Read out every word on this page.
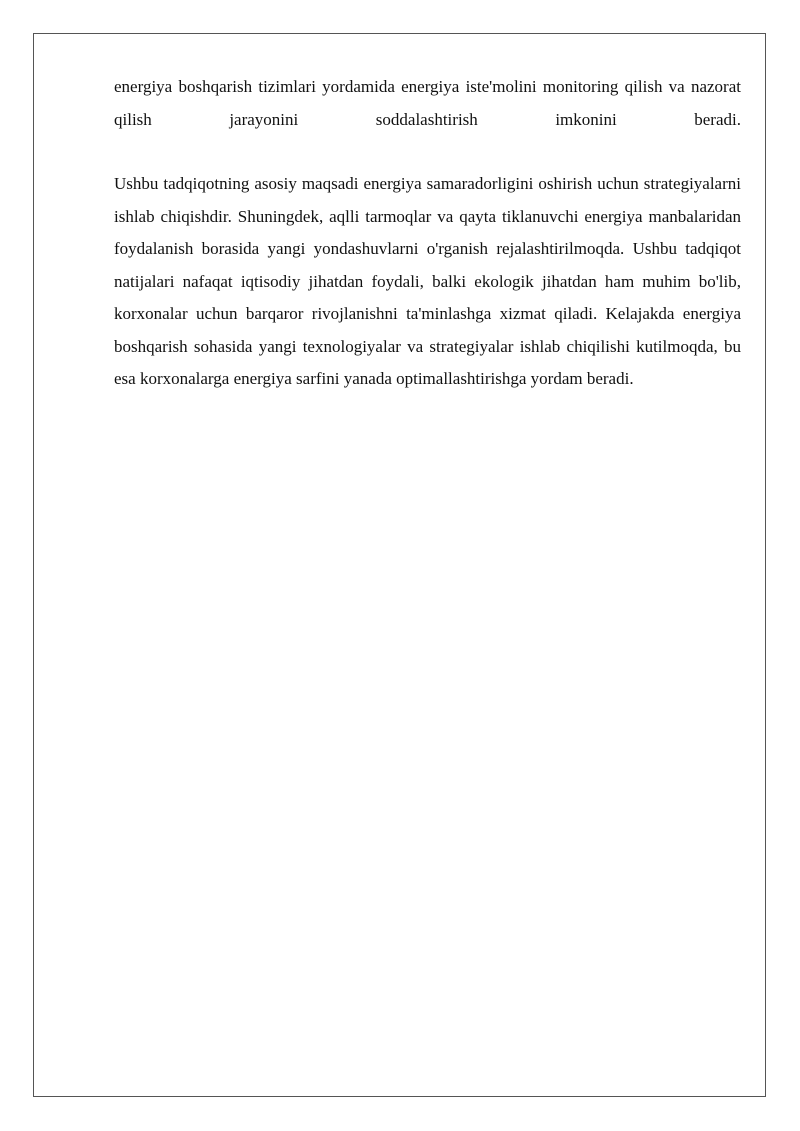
energiya boshqarish tizimlari yordamida energiya iste'molini monitoring qilish va nazorat qilish jarayonini soddalashtirish imkonini beradi.

Ushbu tadqiqotning asosiy maqsadi energiya samaradorligini oshirish uchun strategiyalarni ishlab chiqishdir. Shuningdek, aqlli tarmoqlar va qayta tiklanuvchi energiya manbalaridan foydalanish borasida yangi yondashuvlarni o'rganish rejalashtirilmoqda. Ushbu tadqiqot natijalari nafaqat iqtisodiy jihatdan foydali, balki ekologik jihatdan ham muhim bo'lib, korxonalar uchun barqaror rivojlanishni ta'minlashga xizmat qiladi. Kelajakda energiya boshqarish sohasida yangi texnologiyalar va strategiyalar ishlab chiqilishi kutilmoqda, bu esa korxonalarga energiya sarfini yanada optimallashtirishga yordam beradi.
